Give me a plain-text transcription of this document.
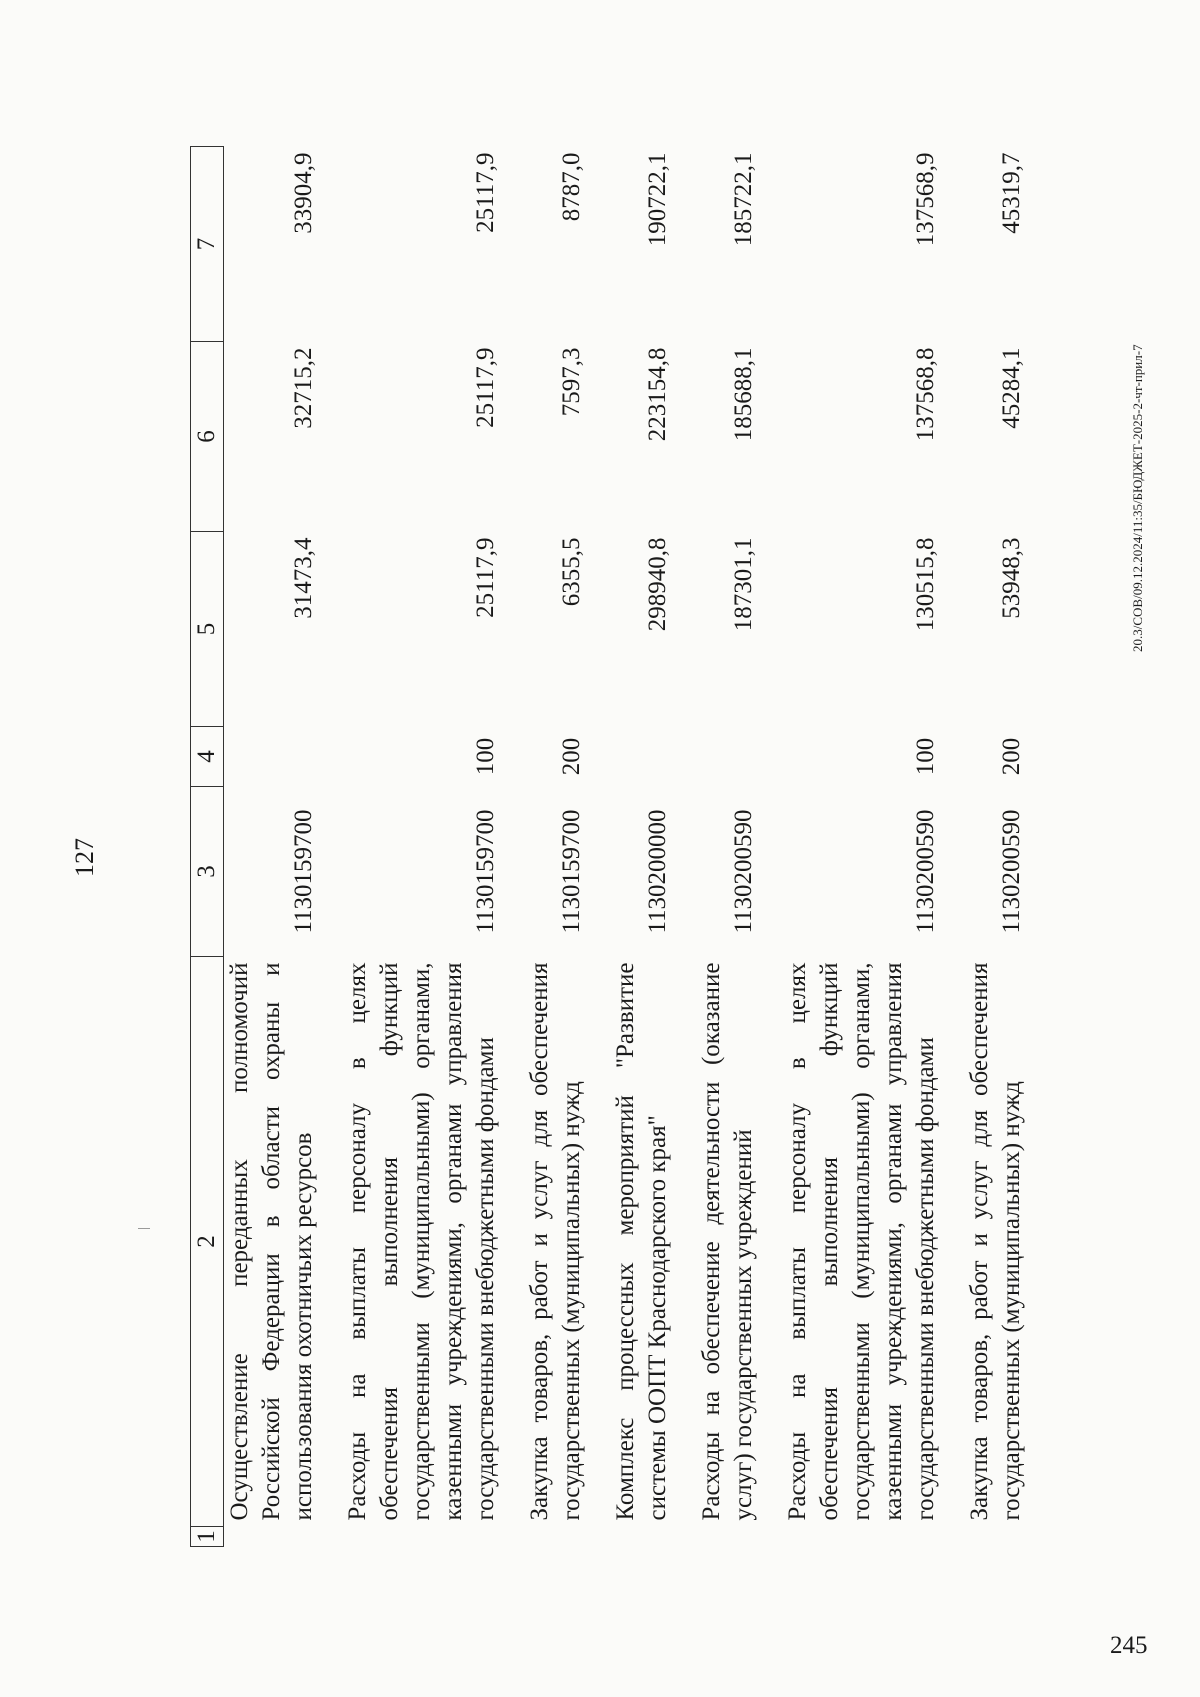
127
1	2	3	4	5	6	7
	Осуществление переданных полномочий Российской Федерации в области охраны и использования охотничьих ресурсов	1130159700		31473,4	32715,2	33904,9

	Расходы на выплаты персоналу в целях обеспечения выполнения функций государственными (муниципальными) органами, казенными учреждениями, органами управления государственными внебюджетными фондами	1130159700	100	25117,9	25117,9	25117,9

	Закупка товаров, работ и услуг для обеспечения государственных (муниципальных) нужд	1130159700	200	6355,5	7597,3	8787,0

	Комплекс процессных мероприятий "Развитие системы ООПТ Краснодарского края"	1130200000		298940,8	223154,8	190722,1

	Расходы на обеспечение деятельности (оказание услуг) государственных учреждений	1130200590		187301,1	185688,1	185722,1

	Расходы на выплаты персоналу в целях обеспечения выполнения функций государственными (муниципальными) органами, казенными учреждениями, органами управления государственными внебюджетными фондами	1130200590	100	130515,8	137568,8	137568,9

	Закупка товаров, работ и услуг для обеспечения государственных (муниципальных) нужд	1130200590	200	53948,3	45284,1	45319,7
20.3/СОВ/09.12.2024/11:35/БЮДЖЕТ-2025-2-чт-прил-7
245
